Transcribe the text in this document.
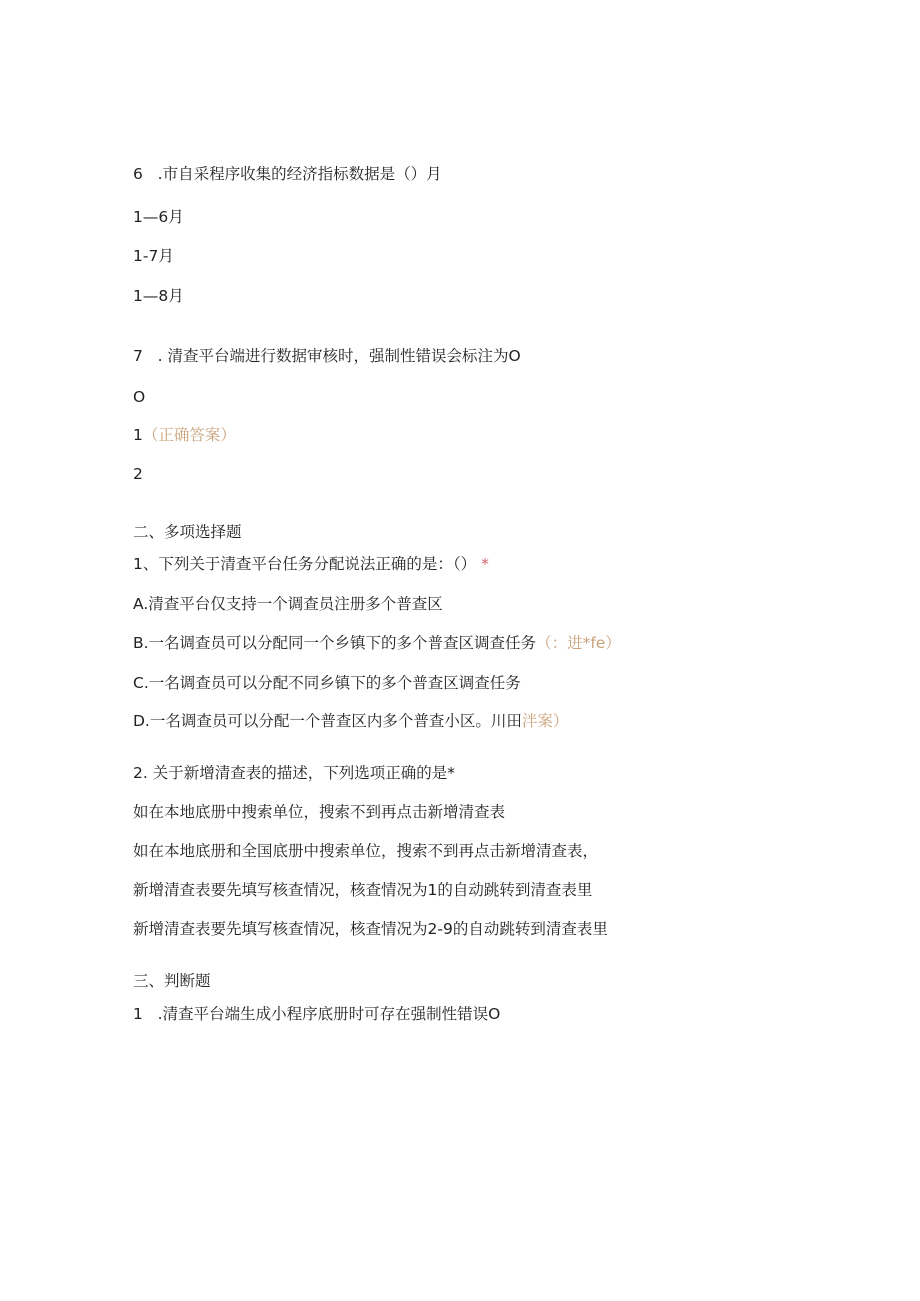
6 .市自采程序收集的经济指标数据是（）月
1—6月
1-7月
1—8月
7 . 清查平台端进行数据审核时，强制性错误会标注为O
O
1（正确答案）
2
二、多项选择题
1、下列关于清查平台任务分配说法正确的是：（） *
A.清查平台仅支持一个调查员注册多个普查区
B.一名调查员可以分配同一个乡镇下的多个普查区调查任务（：进*fe）
C.一名调查员可以分配不同乡镇下的多个普查区调查任务
D.一名调查员可以分配一个普查区内多个普查小区。川田泮案）
2. 关于新增清查表的描述，下列选项正确的是*
如在本地底册中搜索单位，搜索不到再点击新增清查表
如在本地底册和全国底册中搜索单位，搜索不到再点击新增清查表，
新增清查表要先填写核查情况，核查情况为1的自动跳转到清查表里
新增清查表要先填写核查情况，核查情况为2-9的自动跳转到清查表里
三、判断题
1 .清查平台端生成小程序底册时可存在强制性错误O
